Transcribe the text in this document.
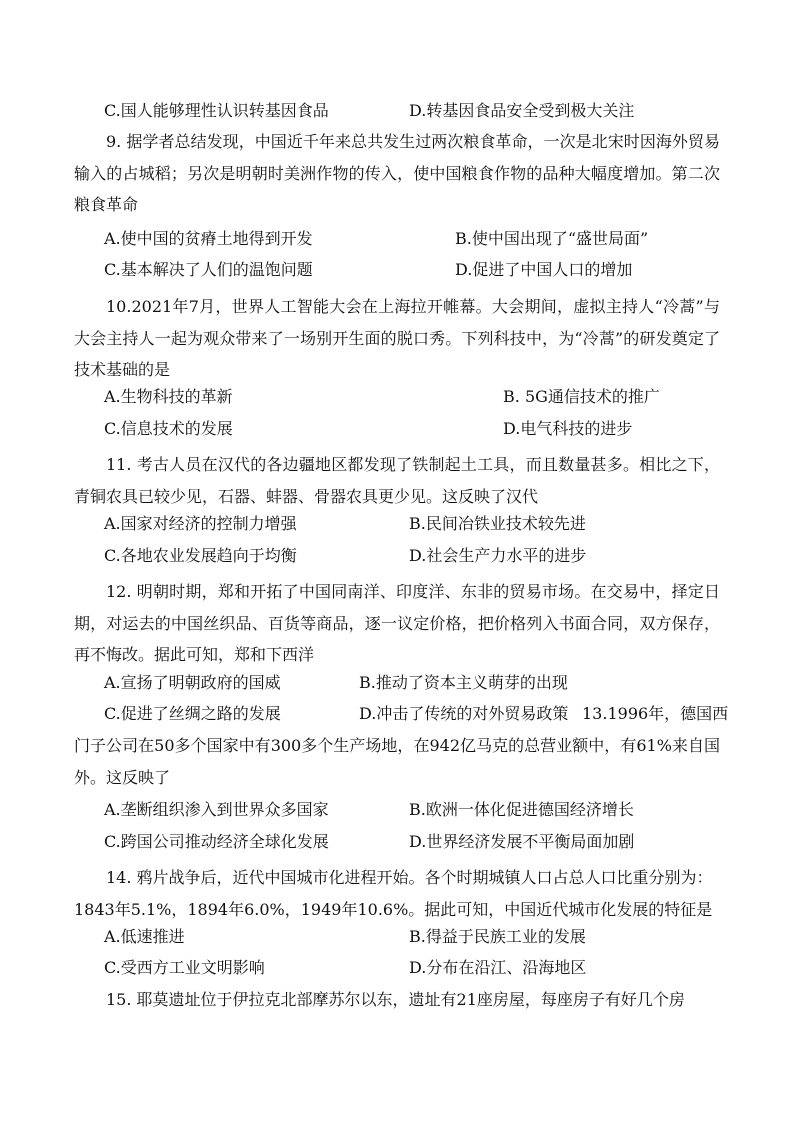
C.国人能够理性认识转基因食品	D.转基因食品安全受到极大关注

9. 据学者总结发现，中国近千年来总共发生过两次粮食革命，一次是北宋时因海外贸易输入的占城稻；另次是明朝时美洲作物的传入，使中国粮食作物的品种大幅度增加。第二次粮食革命

A.使中国的贫瘠土地得到开发	B.使中国出现了“盛世局面”
C.基本解决了人们的温饱问题	D.促进了中国人口的增加

10.2021年7月，世界人工智能大会在上海拉开帷幕。大会期间，虚拟主持人“冷蒿”与大会主持人一起为观众带来了一场别开生面的脱口秀。下列科技中，为“冷蒿”的研发奠定了技术基础的是

A.生物科技的革新	B. 5G通信技术的推广
C.信息技术的发展	D.电气科技的进步

11. 考古人员在汉代的各边疆地区都发现了铁制起土工具，而且数量甚多。相比之下，青铜农具已较少见，石器、蚌器、骨器农具更少见。这反映了汉代

A.国家对经济的控制力增强	B.民间冶铁业技术较先进
C.各地农业发展趋向于均衡	D.社会生产力水平的进步

12. 明朝时期，郑和开拓了中国同南洋、印度洋、东非的贸易市场。在交易中，择定日期，对运去的中国丝织品、百货等商品，逐一议定价格，把价格列入书面合同，双方保存，再不悔改。据此可知，郑和下西洋

A.宣扬了明朝政府的国威	B.推动了资本主义萌芽的出现
C.促进了丝绸之路的发展	D.冲击了传统的对外贸易政策 13.1996年，德国西

门子公司在50多个国家中有300多个生产场地，在942亿马克的总营业额中，有61%来自国外。这反映了

A.垄断组织渗入到世界众多国家	B.欧洲一体化促进德国经济增长
C.跨国公司推动经济全球化发展	D.世界经济发展不平衡局面加剧

14. 鸦片战争后，近代中国城市化进程开始。各个时期城镇人口占总人口比重分别为：

1843年5.1%，1894年6.0%，1949年10.6%。据此可知，中国近代城市化发展的特征是

A.低速推进	B.得益于民族工业的发展
C.受西方工业文明影响	D.分布在沿江、沿海地区

15. 耶莫遗址位于伊拉克北部摩苏尔以东，遗址有21座房屋，每座房子有好几个房
